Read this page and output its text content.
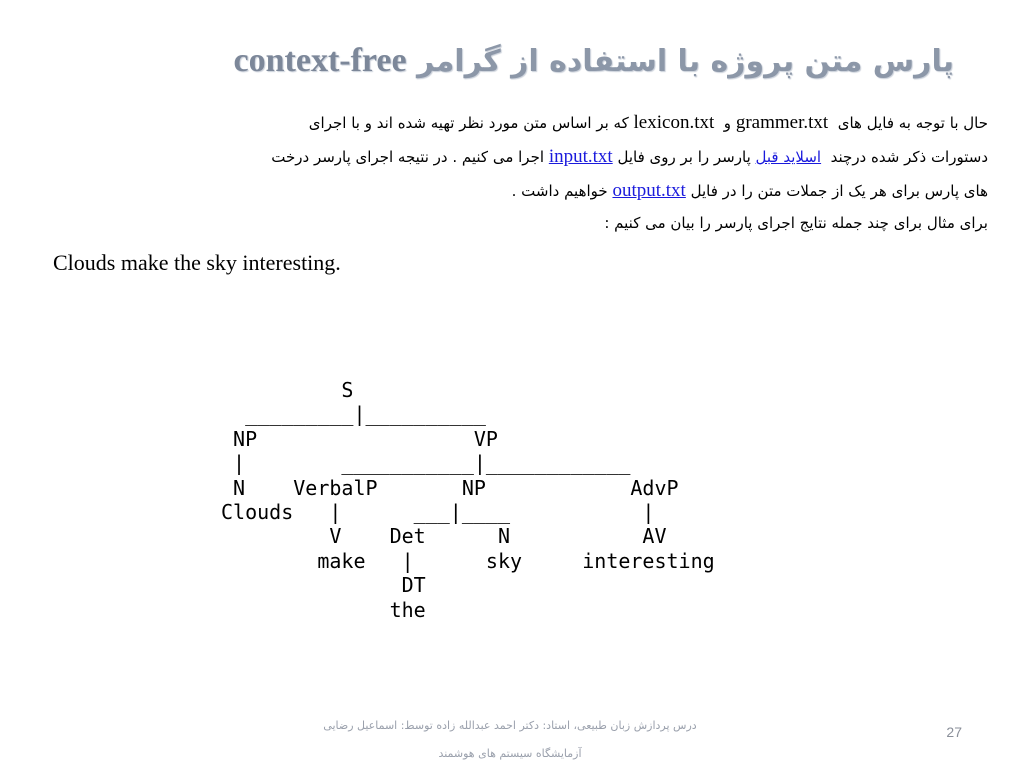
پارس متن پروژه با استفاده از گرامر context-free
حال با توجه به فایل های  grammer.txt و  lexicon.txt که بر اساس متن مورد نظر تهیه شده اند و با اجرای
دستورات ذکر شده درچند  اسلاید قبل پارسر را بر روی فایل input.txt اجرا می کنیم . در نتیجه اجرای پارسر درخت
های پارس برای هر یک از جملات متن را در فایل output.txt خواهیم داشت .
برای مثال برای چند جمله نتایج اجرای پارسر را بیان می کنیم :
Clouds make the sky interesting.
S
_________|__________
NP                  VP
|        ___________|____________
N    VerbalP       NP            AdvP
Clouds   |      ___|____           |
V    Det      N           AV
make   |      sky     interesting
DT
the
درس پردازش زبان طبیعی، استاد: دکتر احمد عبدالله زاده توسط: اسماعیل رضایی
آزمایشگاه سیستم های هوشمند
27
